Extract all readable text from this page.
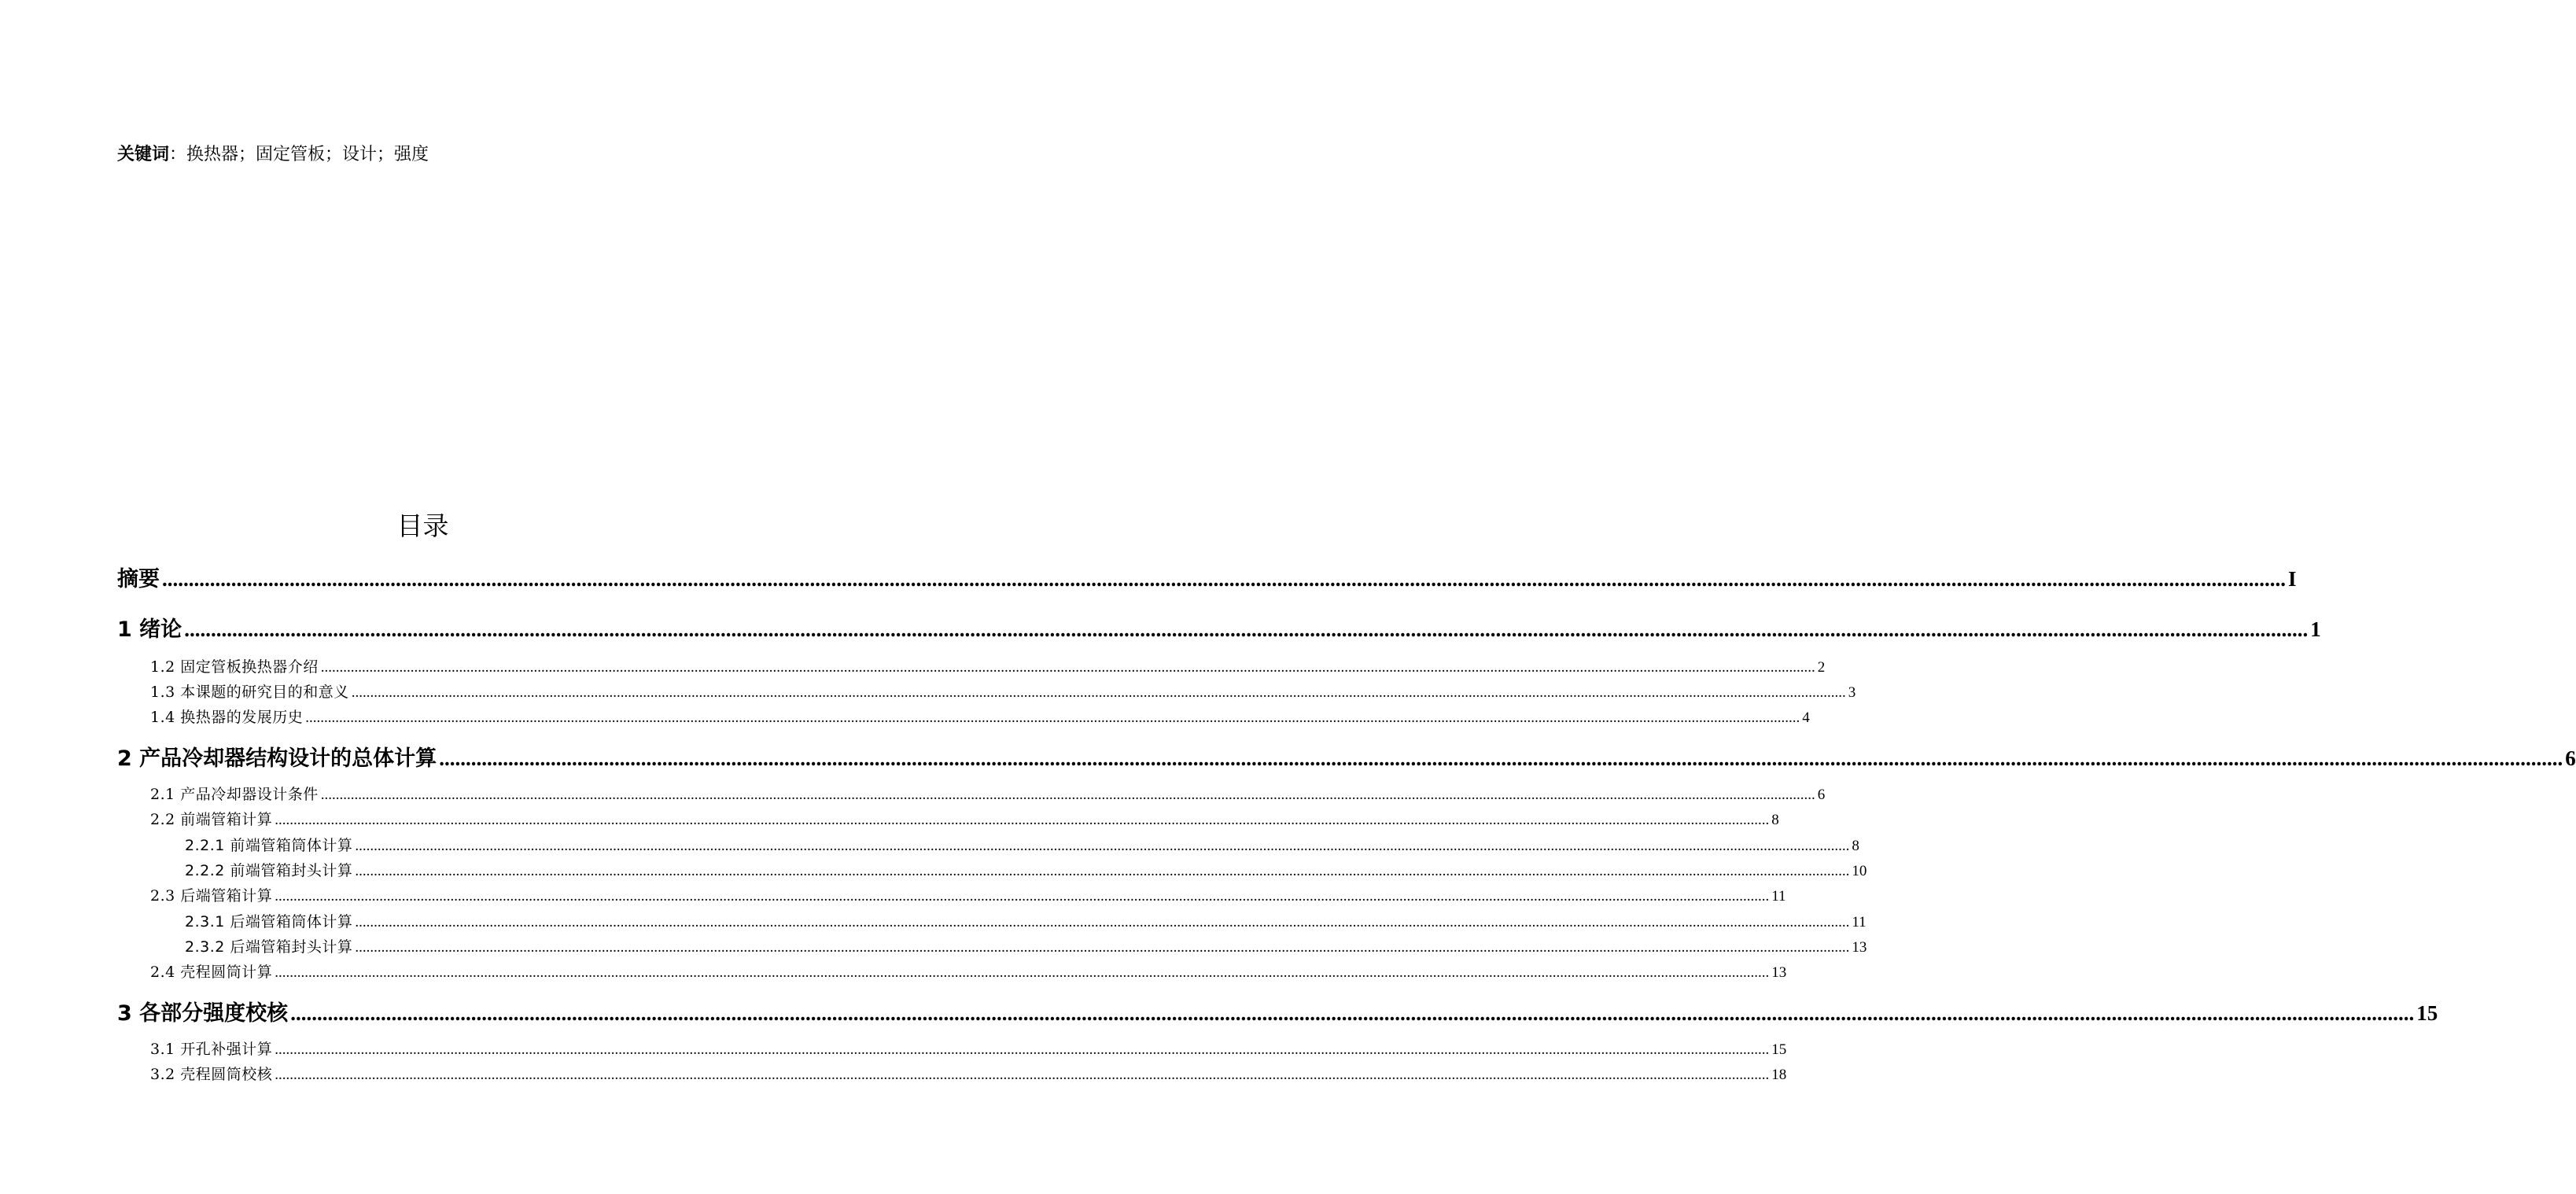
关键词：换热器；固定管板；设计；强度
目录
摘要 ................................................................................................................................................................................................................................................................................................................................................................................................................ I
1 绪论 ................................................................................................................................................................................................................................................................................................................................................................................................................ 1
1.2 固定管板换热器介绍 ................................................................................................................................................................................................................................................................................................................................................................................................................ 2
1.3 本课题的研究目的和意义 ................................................................................................................................................................................................................................................................................................................................................................................................................ 3
1.4 换热器的发展历史 ................................................................................................................................................................................................................................................................................................................................................................................................................ 4
2 产品冷却器结构设计的总体计算 ................................................................................................................................................................................................................................................................................................................................................................................................................ 6
2.1 产品冷却器设计条件 ................................................................................................................................................................................................................................................................................................................................................................................................................ 6
2.2 前端管箱计算 ................................................................................................................................................................................................................................................................................................................................................................................................................ 8
2.2.1 前端管箱筒体计算 ................................................................................................................................................................................................................................................................................................................................................................................................................ 8
2.2.2 前端管箱封头计算 ................................................................................................................................................................................................................................................................................................................................................................................................................ 10
2.3 后端管箱计算 ................................................................................................................................................................................................................................................................................................................................................................................................................ 11
2.3.1 后端管箱筒体计算 ................................................................................................................................................................................................................................................................................................................................................................................................................ 11
2.3.2 后端管箱封头计算 ................................................................................................................................................................................................................................................................................................................................................................................................................ 13
2.4 壳程圆筒计算 ................................................................................................................................................................................................................................................................................................................................................................................................................ 13
3 各部分强度校核 ................................................................................................................................................................................................................................................................................................................................................................................................................ 15
3.1 开孔补强计算 ................................................................................................................................................................................................................................................................................................................................................................................................................ 15
3.2 壳程圆筒校核 ................................................................................................................................................................................................................................................................................................................................................................................................................ 18
